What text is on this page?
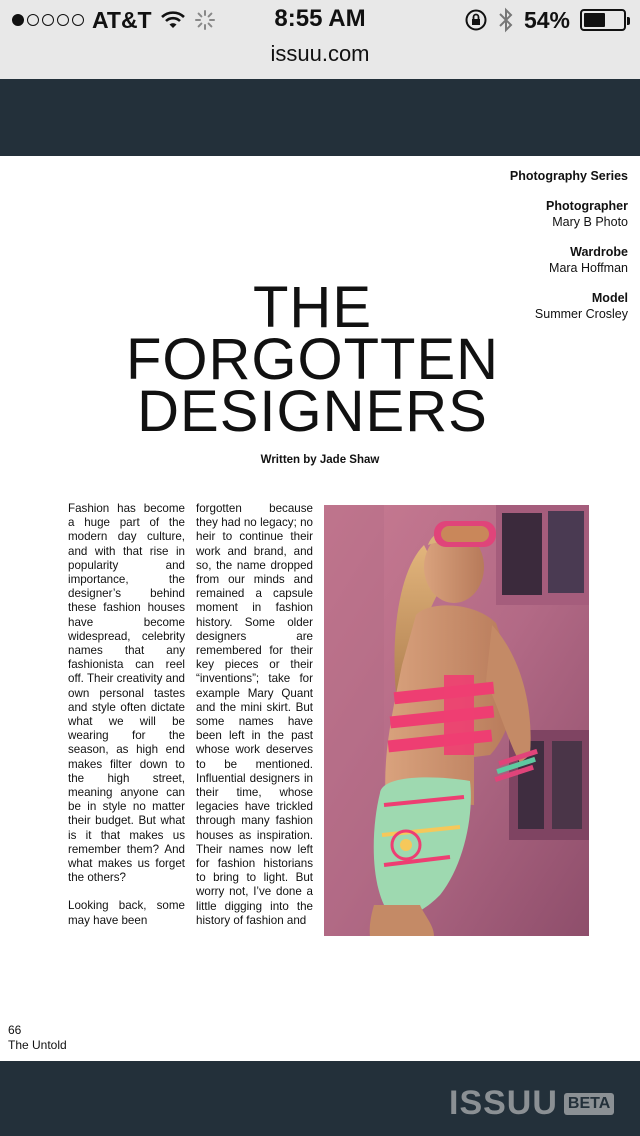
AT&T	8:55 AM	54%
issuu.com
Photography Series
Photographer
Mary B Photo
Wardrobe
Mara Hoffman
Model
Summer Crosley
THE
FORGOTTEN
DESIGNERS
Written by Jade Shaw

Fashion has become a huge part of the modern day culture, and with that rise in popularity and importance, the designer’s behind these fashion houses have become widespread, celebrity names that any fashionista can reel off. Their creativity and own personal tastes and style often dictate what we will be wearing for the season, as high end makes filter down to the high street, meaning anyone can be in style no matter their budget. But what is it that makes us remember them? And what makes us forget the others?

Looking back, some may have been

forgotten because they had no legacy; no heir to continue their work and brand, and so, the name dropped from our minds and remained a capsule moment in fashion history. Some older designers are remembered for their key pieces or their “inventions”; take for example Mary Quant and the mini skirt. But some names have been left in the past whose work deserves to be mentioned. Influential designers in their time, whose legacies have trickled through many fashion houses as inspiration. Their names now left for fashion historians to bring to light. But worry not, I’ve done a little digging into the history of fashion and

66
The Untold
ISSUU BETA
